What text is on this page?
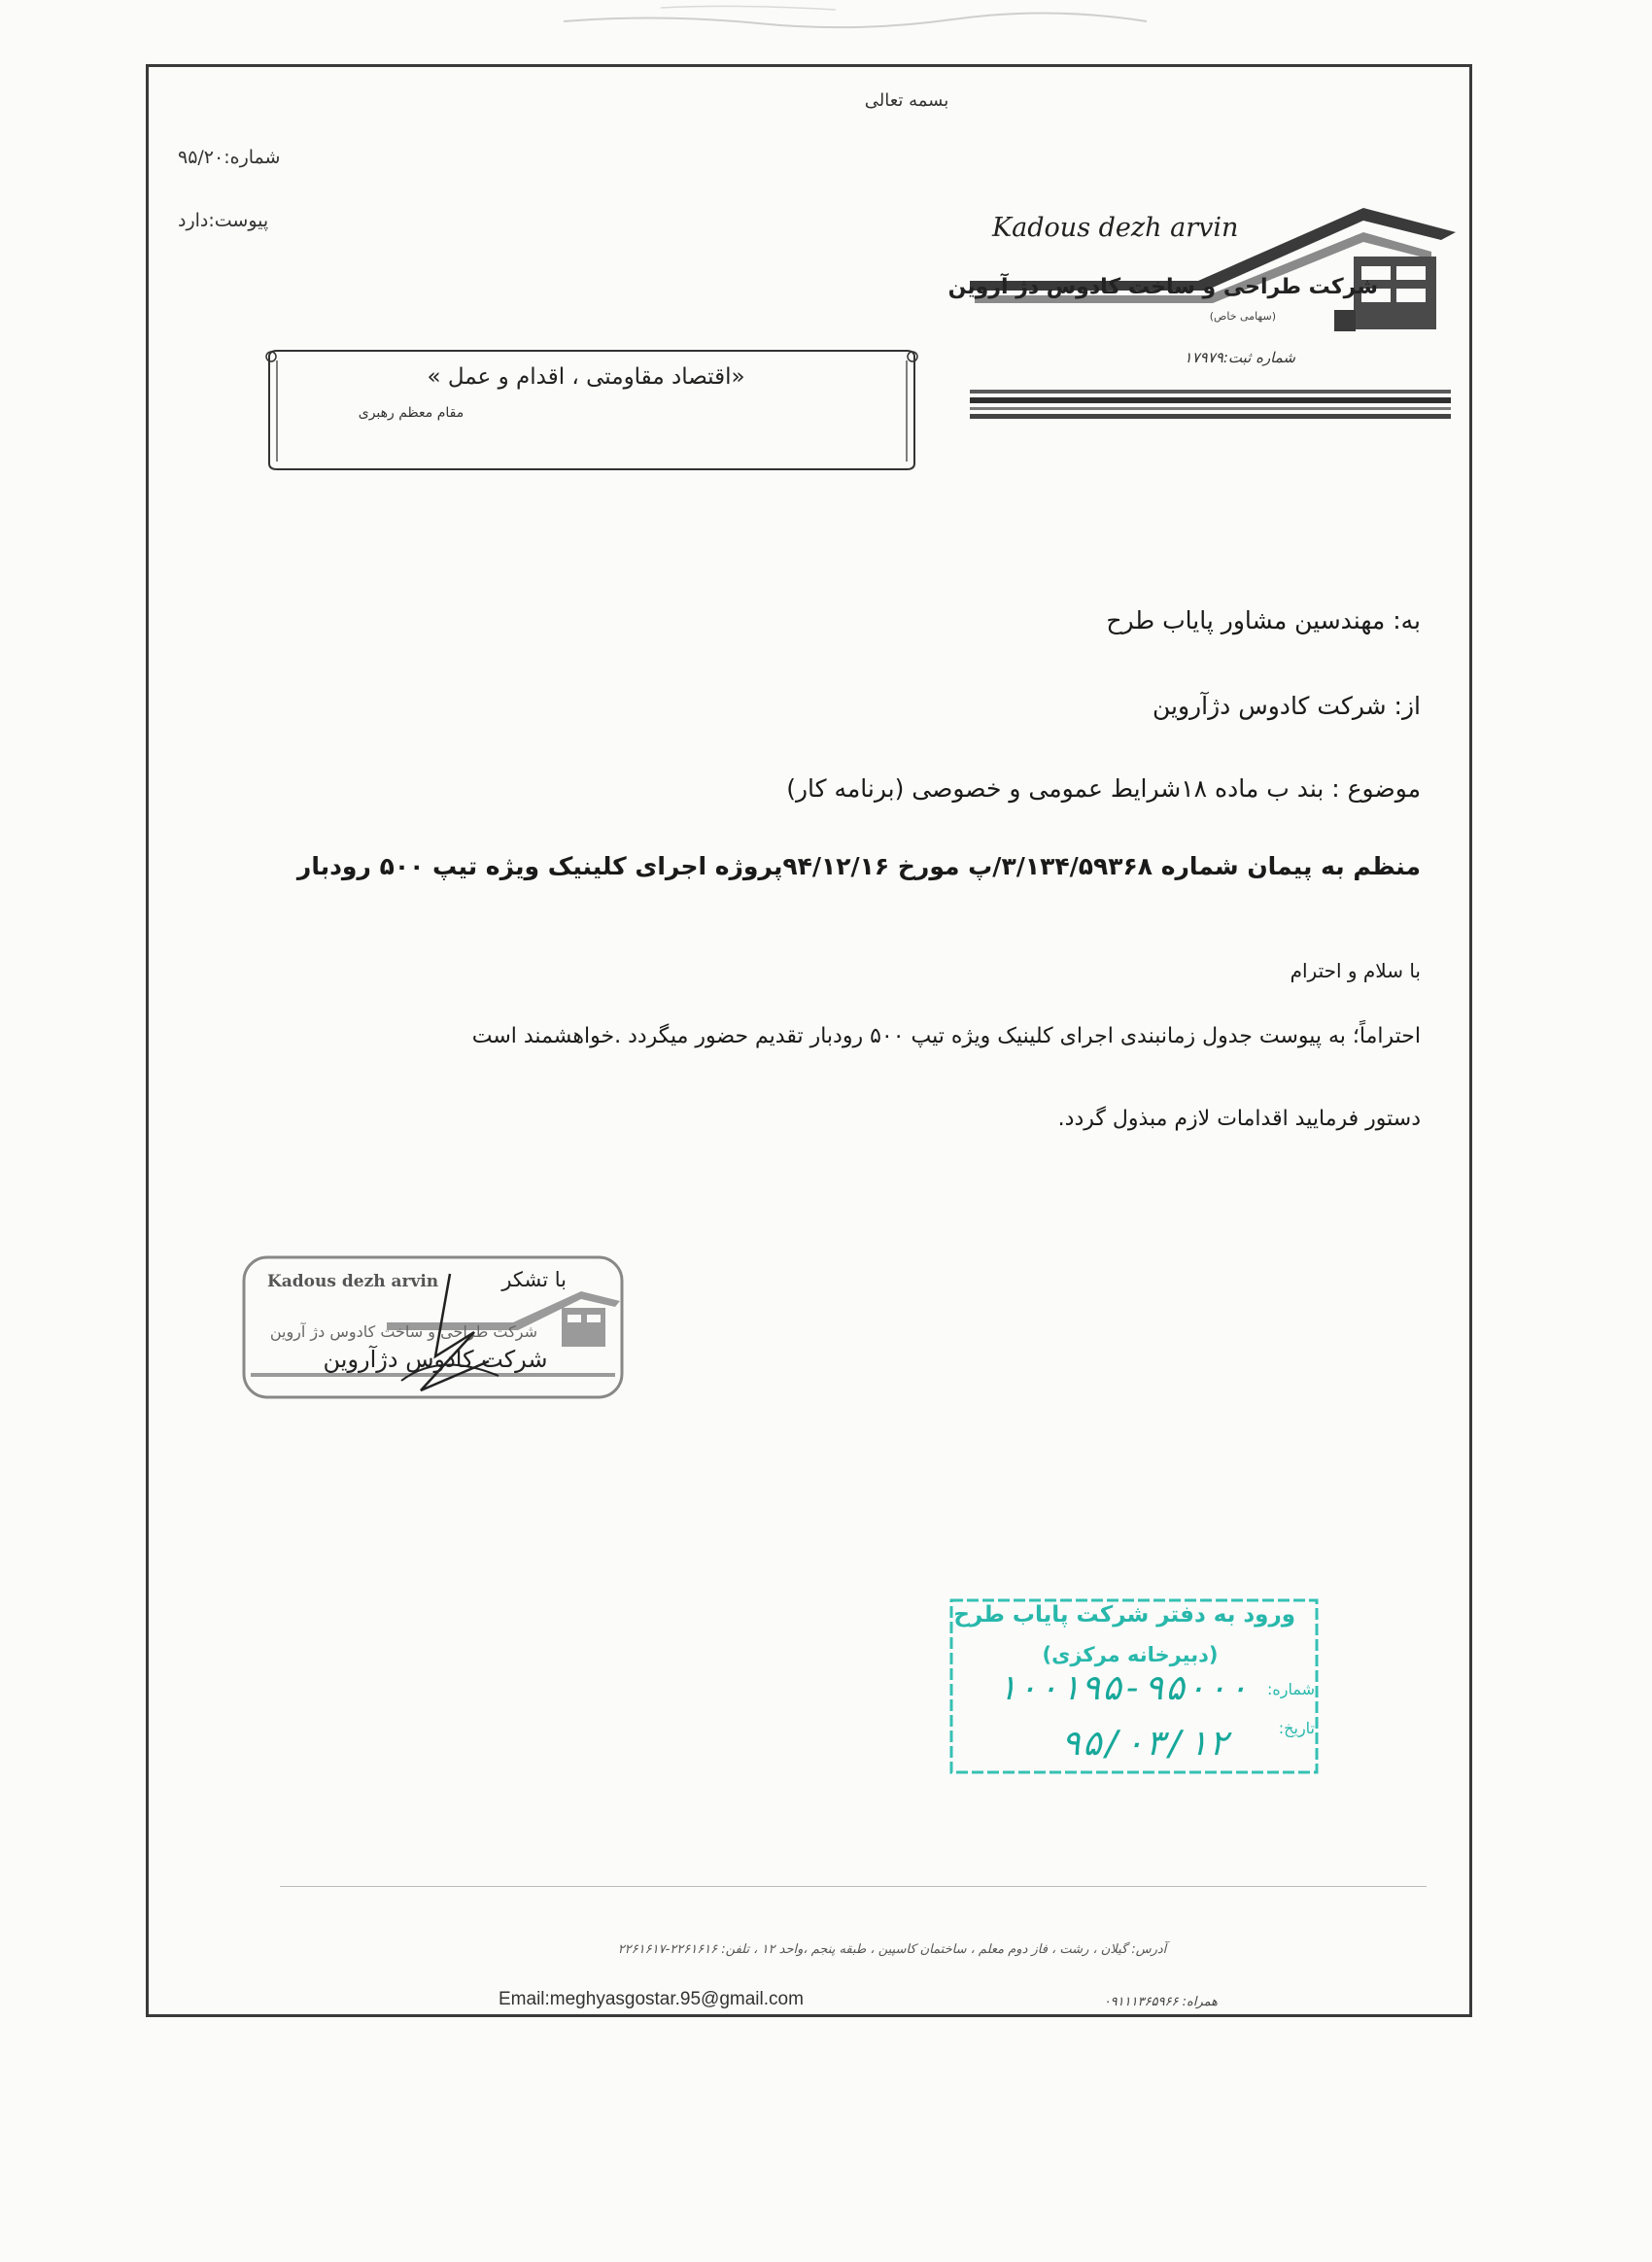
بسمه تعالی
شماره:۹۵/۲۰
پیوست:دارد	Kadous dezh arvin
شرکت طراحی و ساخت کادوس دژ آروین
(سهامی خاص)
شماره ثبت:۱۷۹۷۹
«اقتصاد مقاومتی ، اقدام و عمل »
مقام معظم رهبری
به: مهندسین مشاور پایاب طرح
از: شرکت کادوس دژآروین
موضوع : بند ب ماده ۱۸شرایط عمومی و خصوصی (برنامه کار)
منظم به پیمان شماره ۳/۱۳۴/۵۹۳۶۸/پ مورخ ۹۴/۱۲/۱۶پروژه اجرای کلینیک ویژه تیپ ۵۰۰ رودبار
با سلام و احترام
احتراماً؛ به پیوست جدول زمانبندی اجرای کلینیک ویژه تیپ ۵۰۰ رودبار تقدیم حضور میگردد .خواهشمند است
دستور فرمایید اقدامات لازم مبذول گردد.
Kadous dezh arvin
شرکت طراحی و ساخت کادوس دژ آروین
با تشکر
شرکت کادوس دژآروین
ورود به دفتر شرکت پایاب طرح
(دبیرخانه مرکزی)
شماره:
تاریخ:
۱۰۰۱۹۵-۹۵۰۰۰
۹۵/۰۳/۱۲
آدرس: گیلان ، رشت ، فاز دوم معلم ، ساختمان کاسپین ، طبقه پنجم ،واحد ۱۲ ، تلفن: ۲۲۶۱۶۱۶-۲۲۶۱۶۱۷
Email:meghyasgostar.95@gmail.com	همراه: ۰۹۱۱۱۳۶۵۹۶۶
